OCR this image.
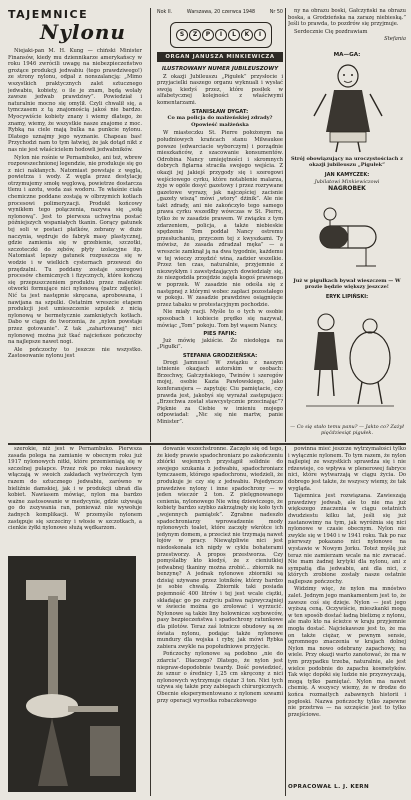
TAJEMNICE
Nylonu

Niejaki-pan M. H. Kung — chiński Minister Finansów, kiedy mu dziennikarze amerykańscy w roku 1946 zwrócili uwagę na niebezpieczeństwo grożące produkcji jedwabiu (tego prawdziwego!) ze strony nylonu, odpał z nonszalancją: „Mimo wszystkich praktycznych zalet sztucznego jedwabiu, kobiety, o ile je znam, będą wolały zawsze jedwab prawdziwy”. Powiedział i naturalnie mocno się omylił. Czyli chwalił się, a tymczasem z tą znajomością jakoś nie bardzo. Myocywiście kobiety znany i wiemy dlatego, że znamy, wiemy, że wszystkie nasze znajome z moc. Rybką na ciele mają bulka na punkcie nylonu. Dlatego uznajmy jego wyznanie. Chapeau bas! Przychodzi nam to tym łatwiej, że jak dotąd nikt z nas nie jest właścicielem hodowli jedwabników.

Nylon nie rośnie w Pernambuko, ani też, wbrew rozpowszechnionej legendzie, nie produkuje się go z nici nakłanych. Natomiast powstaje z węgla, powietrza i wody. Z węgla przez destylację otrzymujemy smołę węglową, powietrze dostarcza tlenu i azotu, woda zaś wodoru. Te właśnie ciała chemiczne poddane zostają w olbrzymich kotłach procesowi polimeryzacji. Produkt końcowy wynikłem tego połączenia, nazywa się „sołą nylonową”. Jest to pierwsza uchwytna postać późniejszych wspaniałych tkanin. Gorący gatunek tej soli w postaci płatków, zebrany w duże naczynia, wędruje do fabryk masy plastycznej, gdzie zamienia się w grzebienie, szczotki, szczoteczki do zębów, płyty izolacyjne itp. Natomiast lepszy gatunek rozpuszcza się w wodzie i w wielkich cysternach przewozi do przędzalni. Tu poddany zostaje szeregowi procesów chemicznych i fizycznych, które kończą się przepuszczeniem produktu przez maleńkie otworki formujące nici nylonową (patrz zdjęcie). Nić ta jest następnie skręcana, aprobowana, i nawijana na szpulki. Ostatnim wreszcie etapem produkcji jest umieszczenie szpulek z nicią nylonową w hermetycznie zamkniętych kotłach. Dabo w ciągu do tworzenia, że „nylon powstaje przez gotowanie”. Z tak „zahartowanej” nici nylonowej można już tkać najcieńsze pończochy na najlepsze nawet nogi.

Ale pończochy to jeszcze nie wszystko. Zastosowanie nylonu jest

Nok II.	Warszawa, 20 czerwca 1948	Nr 50
S	Z	P	I	L	K	I
ORGAN JANUSZA MINKIEWICZA

ILUSTROWANY NUMER JUBILEUSZOWY

Z okazji Jubileuszu „Pigułek” przysłocie i przyjacielki naszego organu wyknuali i wysłać swoją kiedyś przez, które posiłek w alfabetycznej kolejności z właściwymi komentarzami.

STANISŁAW DYGAT:

Co ma policja do małżeńskiej zdrady? Opowieść małżeńska

W miasteczku St. Pierre położonym na południowych krańcach stanu Milwaukee powsze (edwarciacie wyborczym) i porządnie mieszkańców, z szacowanie konsumentów. Odrobina Nancy umiejętności i skromnych dobrych figlarna straciła swojego wejścia. Z okazji jej jakiejś przygody się i szeregowi wejściowego cyrku, które notablenie malarza, żyje w ogóle dosyć gazetowy i przez rozrywane gazetowe wyrazy, jak najczęściej zacisnie „gazety wiszą” mówi „wtory” dżinik”. Ale nie takt zdrady, ani nie zakończyło tego samego prawa cyrku wszedłby wówczas w St. Pierre, tylko że w zasadzie prawem. W związku z tym zdarzeniem, policja, a także niebieskie spędzenie Tom poddał Nancy ostremu przesłuchaniu, przyczem tej z kwyszkami. Ty mówisz, że zasada zdradzał męka” — a wreszcie zamknął ją na dwa tygodnie, każdemu w tej wieczy zrzędzić wina, zadzier wszelkie. Przez ten czas, naturalnie, przyjemnie z niezwykłym i zawstydzających dowiedziały się, że niezgodziła przejdzie zajęła kogoś prawnego w poprzek. W zasadzie nie odeśla się z następnej z którymi wobec zapłaci pozostałego w pokoju. W zasadzie prawdziwe osiągnięcie przez tabaku w protestacyjnym pochodzie.

Nie miały racji. Myśle to o tych w osobie sposobach i kobiecie prędko się nazywał, mówiąc „Tom” pokoju. Tom był wąsem Nancy.

PIES FAFIK:

Już mówię jakiście. Że niedołęga na „Pigułki”.

STEFANIA GRODZIEŃSKA:

Drogi Jamnusu! W związku z naszym istnienie okazjach autorskim w osobach: Brzechwy, Gałczyńskiego, Twinów i szeregów mojej, osobie Kazia Pawłowskiego, jako konferansjera — zapytuję: Ciu pamiętacie, czy prawda jest, jakobyś się wyrażał zastępująco: „Brzechwa został stawcystycznie przecinając”? Pięknie za Ciebie w imieniu mojego odpowiadał: „Nic się nie martw, panie Minister”.

ny na obrazu boski, Gałczyński na obrazu boska, a Grodzieńska na zarazę niebieską.” Jeśli to prawda, to pozdrów się przyjmuje.

Serdecznie Cię pozdrawiam

Stefania

MA—GA:
Strój obowiązujący na uroczystościach z okazji jubileuszu „Pigułek”
JAN KAMYCZEK:
Jubilatowi Minkiewiczowi
NAGROBEK
Już w pigułkach bywał wieszczem — W prozie będzie większy jeszcze!
ERYK LIPIŃSKI:
— Co się stało temu panu? — Jakto co? Zażył pięćdziesiąt pigułek.

szerokie, niż jest w Pernambuko. Pierwsza zasada polega na zamianie w obecnym roku już 1917 nylonowych nitki, które przemieniają się w szczelnej pułapce. Przez rok po roku naukowcy włączają w swoich zakładach wytwórczych tym razem do sztucznego jedwabiu, zarówno w bieliźnie damskiej, jak i w produkcji ubrań dla kobiet. Nawiasem mówiąc, nylon ma bardzo ważne zastosowanie w medycynie, gdzie używają go do zszywania ran, ponieważ nie wywołuje żadnych komplikacji. W przemyśle nylonem zastępuje się szczeciny i włosie w szczotkach, a cienkie żyłki nylonowe służą wędkarzom.

dowanie wszechstronne. Zaczęło się od tego, że kiedy prawie spadochroniarz po zakończeniu zbiórki wojennych przystąpił solidnie do swojego szukania z jedwabiu, spadochroniarz tymczasem, którego spadochronu, wiedzieli, że produkuje je czy się z jedwabiu. Pojedynczo prawdziwe nylony i inne spadochrony — w jeden wieczór 2 ton. Z pielęgnowanego cenienia, nylonowego Nie winę dziewiczego, że kobiety bardzo szybko zakrzątnęły się koło tych „wojennych pamiątek”. Zgrabne nadeszło spadochroniarzy wprowadzenie mody nylonowych toalet, które zaczęły wkrótce ich jedynym domem, a przecież nie trzymają nawet łojów w pracy. Niewątpliwie nici jest niedoskonała ich nigdy w cyklu bohaterami przestworzy. A propos przestworza. Czy pomyślałby kto kiedyś, że z cieniutkiej jedwabnej tkaniny można zrobić... zbiornik na benzynę? A jednak nylonowe zbiorniki są dzisiaj używane przez lotników, którzy bardzo je sobie chwalą. Zbiornik taki posiada pojemność 400 litrów i tej jest wcale ciężki, składając go po zużyciu paliwa najzwyczajniej w świecie można go zrolować i wyrzucić. Nylonowe są także liny holownicze szybowców, pasy bezpieczeństwa i spadochrony ratunkowe dla pilotów. Teraz zaś lotnicze obudowy są ze świata nylonu, podając także nylonowe mundury dla wojska i ryby, jak mówi Rybka zabiera zwykle na popołudniowe przyjęcie.

Pończochy nylonowe są podobno „nie do zdarcia”. Dlaczego? Dlatego, że nylon jest niepraw-dopodobnie twardy. Dość powiedzieć, że sznur o średnicy 1,25 cm skręcony z nici nylonowych wytrzymuje ciężar 3 ton. Nici tych używa się także przy zabiegach chirurgicznych. Obecnie eksperymentowano z nylonem szwami przy operacji wyrostka robaczkowego

powinna mieć jeszcze wytrzymałości tylko i wyłącznie nylonem. To tym razem, że nylon najlepiej ze wszystkich sprawdza się i nie rdzewieje, co wpływa w plenerowej fabryce nici, które wytwarzają w ciągu życia. Do dobrego jest także, że wszyscy wiemy, że tak wygląda.

Tajemnica jest rozwiązana. Zawieszają prawdziwy jedwab, ale to nie ma już większego znaczenia w ciągu ostatnich dwudziestu kilku lat, jeśli się już zastanowimy na tym, jak wyróżnia się nici nylonowe w czasie obecnym. Nylon nie zwykle się w 1940 i w 1941 roku. Tak po raz pierwszy pokazano nici nylonowe na wystawie w Nowym Jorku. Toteż myślę już teraz nie zamierzam wcale na nic zwracać. Nie mam żadnej krytyki dla nylonu, ani z sympatią dla jedwabiu, ani dla nici, z których zrobione zostały nasze ostatnie najlepsze pończochy.

Widzimy więc, że nylon ma mnóstwo zalet. Jednym jego mankamentem jest to, że zawsze coś się dzieje. Nylon — jest jego wyższą ceną. Oczywiście, mieszkanki mogą w ten sposób dostać ładną bieliznę z nylonu, ale mało kto na ścieżce w kraju przyjemnie mogła dostać. Najciekawsze jest to, że ma on także ciężar, w pewnym sensie, ogromnego znaczenia w krajach dolnej Nylon ma nowo odebrany zapachowy, na wiele. Przy okazji warto zanotować, że ma w tym przypadku trzeba, naturalnie, ale jest wielce podobnie do zapachu kosmetyków. Tak więc dopóki się ludzie nie przyzwyczają, mogą tylko pamiętać. Nylon ma nawet chemię. A wszyscy wiemy, że w drodze do końca rozmaitych zabawnych historii i pogłoski. Nazwa pończochy tylko zapewne nie przetrwa — na szczęście jest to tylko przejściowe.

OPRACOWAŁ L. J. KERN
